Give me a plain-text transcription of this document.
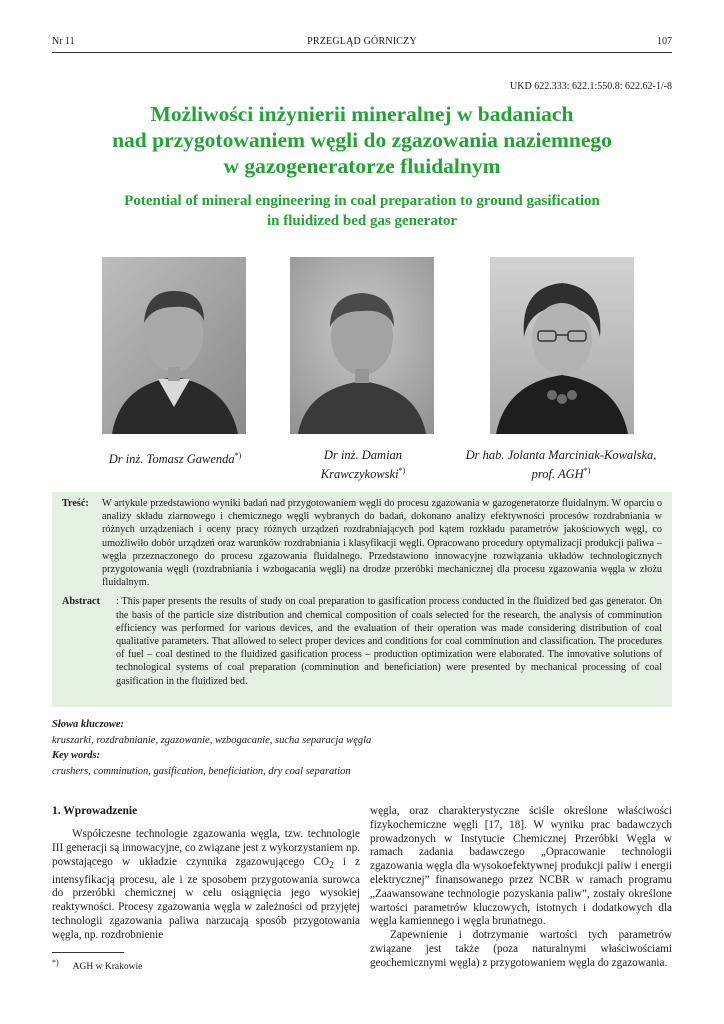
Nr 11	PRZEGLĄD GÓRNICZY	107
UKD 622.333: 622.1:550.8: 622.62-1/-8
Możliwości inżynierii mineralnej w badaniach
nad przygotowaniem węgli do zgazowania naziemnego
w gazogeneratorze fluidalnym
Potential of mineral engineering in coal preparation to ground gasification
in fluidized bed gas generator
Dr inż. Tomasz Gawenda*)	Dr inż. Damian
Krawczykowski*)
Dr hab. Jolanta Marciniak-Kowalska,
prof. AGH*)
Treść: W artykule przedstawiono wyniki badań nad przygotowaniem węgli do procesu zgazowania w gazogeneratorze fluidalnym. W oparciu o analizy składu ziarnowego i chemicznego węgli wybranych do badań, dokonano analizy efektywności procesów rozdrabniania w różnych urządzeniach i oceny pracy różnych urządzeń rozdrabniających pod kątem rozkładu parametrów jakościowych węgl, co umożliwiło dobór urządzeń oraz warunków rozdrabniania i klasyfikacji węgli. Opracowano procedury optymalizacji produkcji paliwa – węgla przeznaczonego do procesu zgazowania fluidalnego. Przedstawiono innowacyjne rozwiązania układów technologicznych przygotowania węgli (rozdrabniania i wzbogacania węgli) na drodze przeróbki mechanicznej dla procesu zgazowania węgla w złożu fluidalnym.
Abstract : This paper presents the results of study on coal preparation to gasification process conducted in the fluidized bed gas generator. On the basis of the particle size distribution and chemical composition of coals selected for the research, the analysis of comminution efficiency was performed for various devices, and the evaluation of their operation was made considering distribution of coal qualitative parameters. That allowed to select proper devices and conditions for coal comminution and classification. The procedures of fuel – coal destined to the fluidized gasification process – production optimization were elaborated. The innovative solutions of technological systems of coal preparation (comminution and beneficiation) were presented by mechanical processing of coal gasification in the fluidized bed.
Słowa kluczowe:
kruszarki, rozdrabnianie, zgazowanie, wzbogacanie, sucha separacja węgla
Key words:
crushers, comminution, gasification, beneficiation, dry coal separation
1. Wprowadzenie

Współczesne technologie zgazowania węgla, tzw. technologie III generacji są innowacyjne, co związane jest z wykorzystaniem np. powstającego w układzie czynnika zgazowującego $CO_2$ i z intensyfikacją procesu, ale i ze sposobem przygotowania surowca do przeróbki chemicznej w celu osiągnięcia jego wysokiej reaktywności. Procesy zgazowania węgla w zależności od przyjętej technologii zgazowania paliwa narzucają sposób przygotowania węgla, np. rozdrobnienie

węgla, oraz charakterystyczne ściśle określone właściwości fizykochemiczne węgli [17, 18]. W wyniku prac badawczych prowadzonych w Instytucie Chemicznej Przeróbki Węgla w ramach zadania badawczego „Opracowanie technologii zgazowania węgla dla wysokoefektywnej produkcji paliw i energii elektrycznej” finansowanego przez NCBR w ramach programu „Zaawansowane technologie pozyskania paliw”, zostały określone wartości parametrów kluczowych, istotnych i dodatkowych dla węgla kamiennego i węgla brunatnego.

Zapewnienie i dotrzymanie wartości tych parametrów związane jest także (poza naturalnymi właściwościami geochemicznymi węgla) z przygotowaniem węgla do zgazowania.

*) AGH w Krakowie
